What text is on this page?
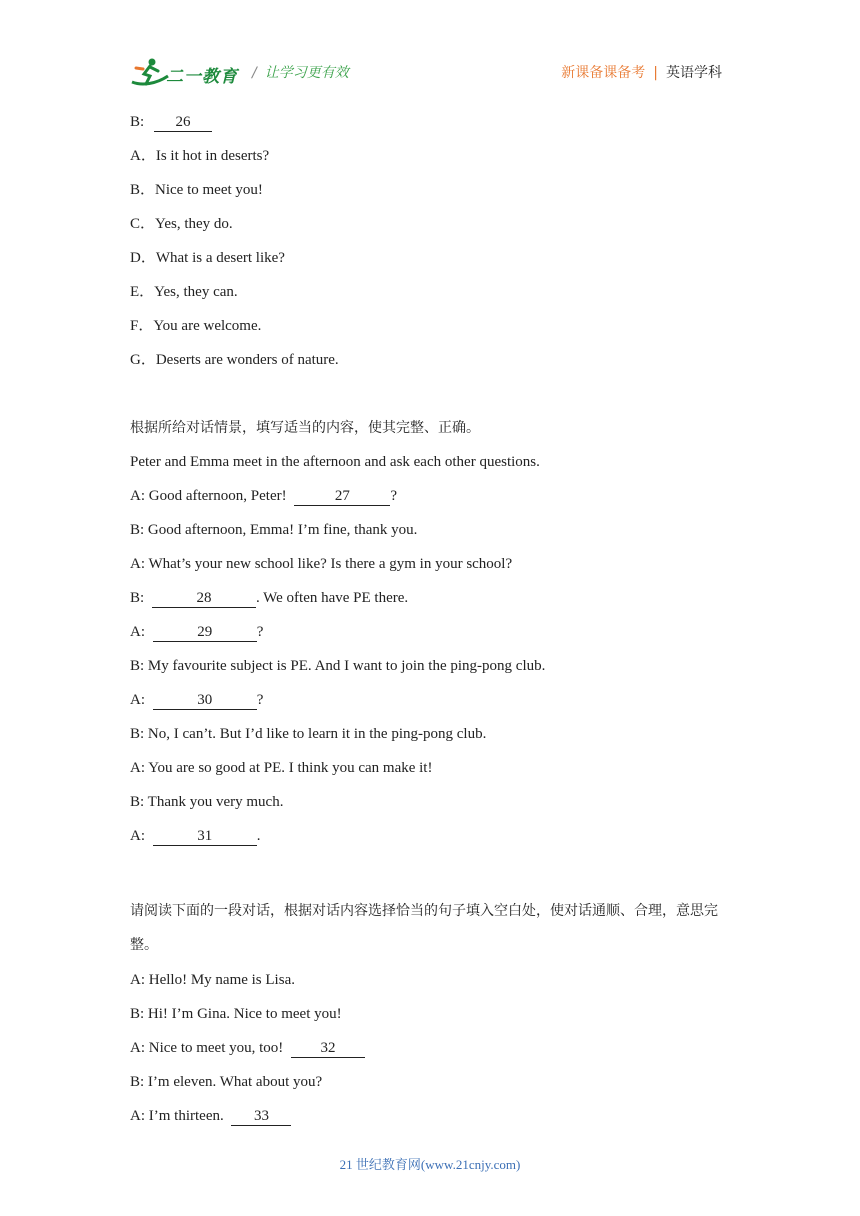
二一教育 / 让学习更有效	新课备课备考 | 英语学科
B: 26
A．Is it hot in deserts?
B．Nice to meet you!
C．Yes, they do.
D．What is a desert like?
E．Yes, they can.
F．You are welcome.
G．Deserts are wonders of nature.
根据所给对话情景，填写适当的内容，使其完整、正确。
Peter and Emma meet in the afternoon and ask each other questions.
A: Good afternoon, Peter!	27	?
B: Good afternoon, Emma! I’m fine, thank you.
A: What’s your new school like? Is there a gym in your school?
B:	28	. We often have PE there.
A:	29	?
B: My favourite subject is PE. And I want to join the ping-pong club.
A:	30	?
B: No, I can’t. But I’d like to learn it in the ping-pong club.
A: You are so good at PE. I think you can make it!
B: Thank you very much.
A:	31	.
请阅读下面的一段对话，根据对话内容选择恰当的句子填入空白处，使对话通顺、合理，意思完整。
A: Hello! My name is Lisa.
B: Hi! I’m Gina. Nice to meet you!
A: Nice to meet you, too! 32
B: I’m eleven. What about you?
A: I’m thirteen. 33
21 世纪教育网(www.21cnjy.com)
